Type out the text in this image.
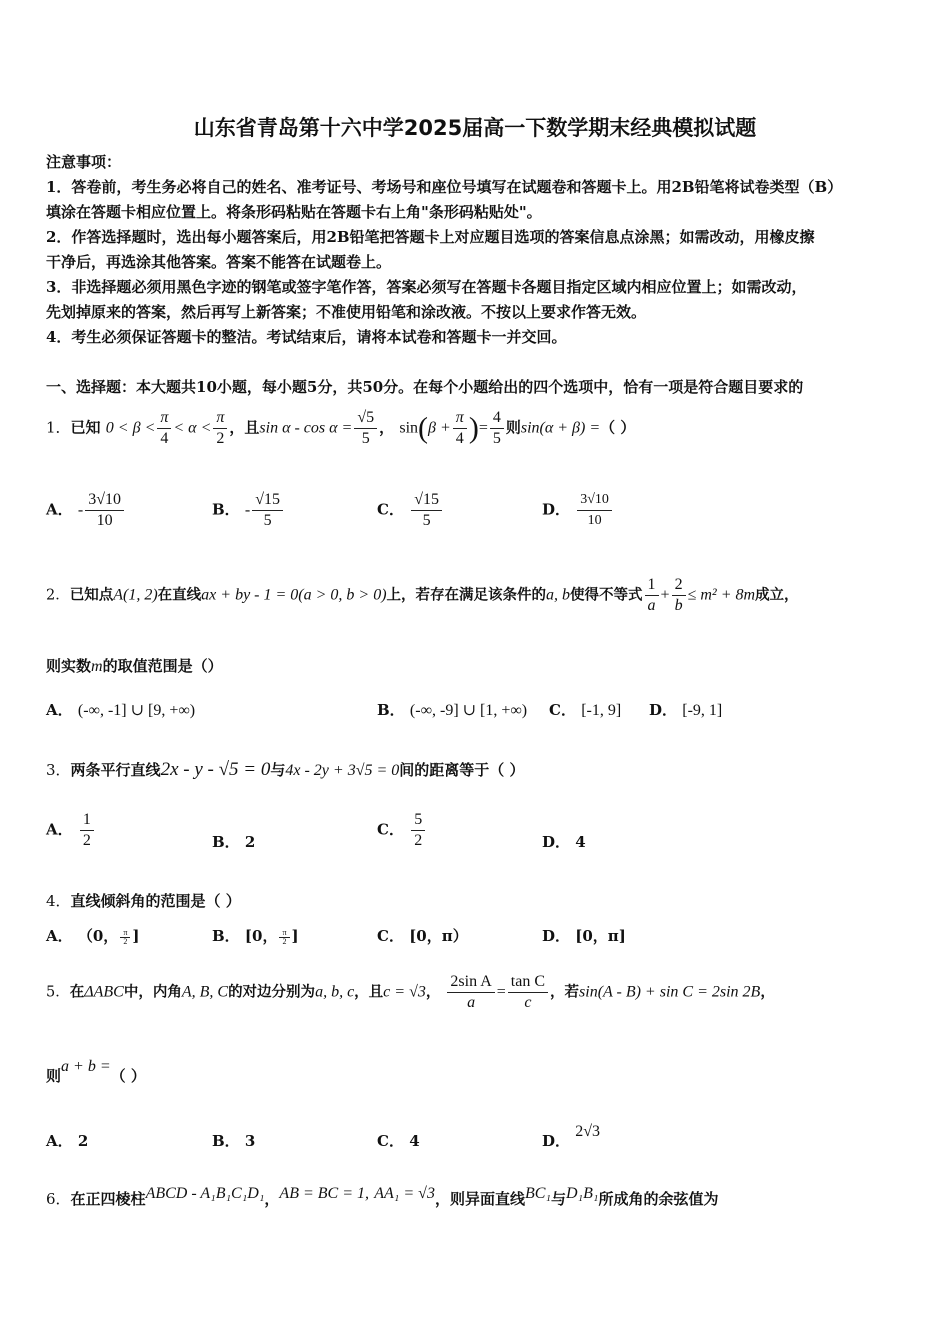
山东省青岛第十六中学2025届高一下数学期末经典模拟试题
注意事项：
1．答卷前，考生务必将自己的姓名、准考证号、考场号和座位号填写在试题卷和答题卡上。用2B铅笔将试卷类型（B）
填涂在答题卡相应位置上。将条形码粘贴在答题卡右上角"条形码粘贴处"。
2．作答选择题时，选出每小题答案后，用2B铅笔把答题卡上对应题目选项的答案信息点涂黑；如需改动，用橡皮擦
干净后，再选涂其他答案。答案不能答在试题卷上。
3．非选择题必须用黑色字迹的钢笔或签字笔作答，答案必须写在答题卡各题目指定区域内相应位置上；如需改动，
先划掉原来的答案，然后再写上新答案；不准使用铅笔和涂改液。不按以上要求作答无效。
4．考生必须保证答题卡的整洁。考试结束后，请将本试卷和答题卡一并交回。
一、选择题：本大题共10小题，每小题5分，共50分。在每个小题给出的四个选项中，恰有一项是符合题目要求的
1．已知 $0 < \beta < \frac{\pi}{4} < \alpha < \frac{\pi}{2}$ ，且$\sin \alpha - \cos \alpha = \frac{√5}{5}$ ， $\sin(\beta + \frac{\pi}{4}$ )= $\frac{4}{5}$ 则sin(α + β) =（ ）
A． - $\frac{3√10}{10}$	B． - $\frac{√15}{5}$	C． $\frac{√15}{5}$	D． $\frac{3√10}{10}$
2．已知点A(1, 2)在直线ax + by - 1 = 0(a > 0, b > 0)上，若存在满足该条件的a, b使得不等式 $\frac{1}{a} + \frac{2}{b} \le m^2 + 8m$成立，
则实数m的取值范围是（）
A． (-∞, -1] ∪ [9, +∞)	B． (-∞, -9] ∪ [1, +∞) C． [-1, 9] D． [-9, 1]
3．两条平行直线2x - y - √5 = 0与4x - 2y + 3√5 = 0间的距离等于（ ）
A． $\frac{1}{2}$	B． 2
C． $\frac{5}{2}$	D． 4
4．直线倾斜角的范围是（ ）
A． （0， $\frac{\pi}{2}$ ]	B． [0， $\frac{\pi}{2}$ ]	C． [0，π）	D． [0，π]
5．在ΔABC中，内角A, B, C的对边分别为a, b, c，且c = √3， $\frac{\text{2sin A}}{a} = \frac{\text{tan C}}{c}$ ，若sin(A - B) + sin C = 2sin 2B，
则a + b =（ ）
A． 2	B． 3	C． 4	D． 2√3
6．在正四棱柱ABCD - A₁B₁C₁D₁，AB = BC = 1, AA₁ = √3，则异面直线BC₁与D₁B₁所成角的余弦值为
